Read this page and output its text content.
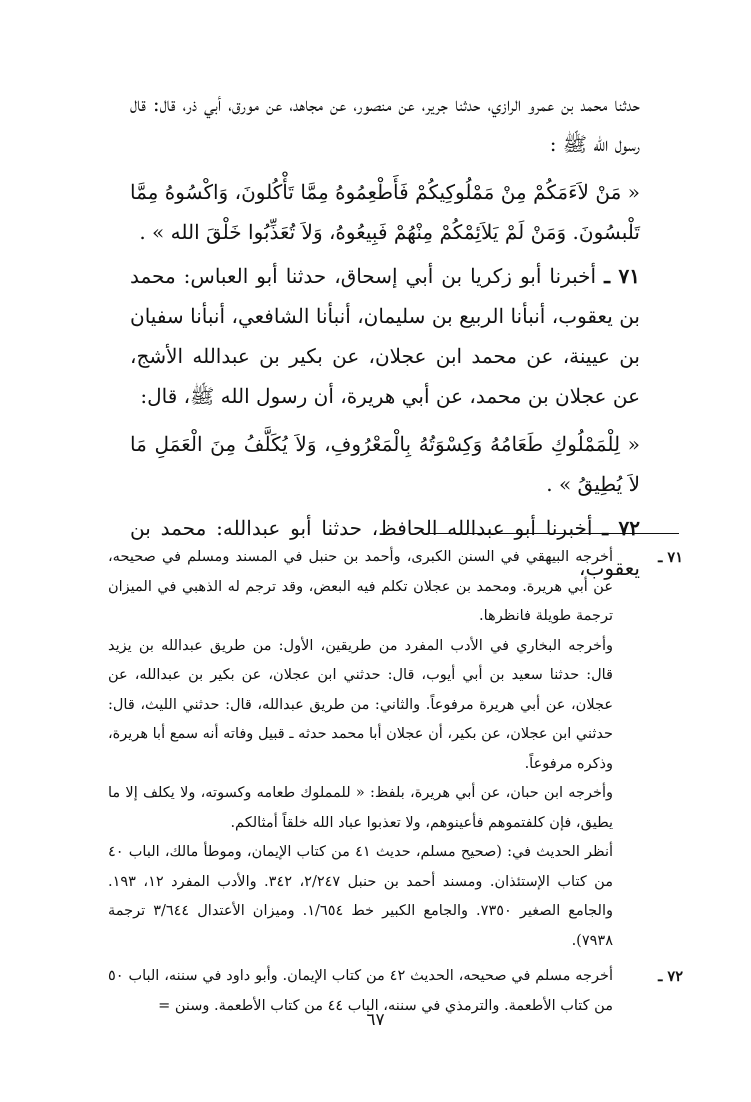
حدثنا محمد بن عمرو الرازي، حدثنا جرير، عن منصور، عن مجاهد، عن مورق، أبي ذر، قال: قال رسول الله ﷺ :

« مَنْ لاَءَمَكُمْ مِنْ مَمْلُوكِيكُمْ فَأَطْعِمُوهُ مِمَّا تَأْكُلونَ، وَاكْسُوهُ مِمَّا تَلْبسُونَ. وَمَنْ لَمْ يَلاَئِمْكُمْ مِنْهُمْ فَبِيعُوهُ، وَلاَ تُعَذِّبُوا خَلْقَ الله » .

٧١ ـ أخبرنا أبو زكريا بن أبي إسحاق، حدثنا أبو العباس: محمد بن يعقوب، أنبأنا الربيع بن سليمان، أنبأنا الشافعي، أنبأنا سفيان بن عيينة، عن محمد ابن عجلان، عن بكير بن عبدالله الأشج، عن عجلان بن محمد، عن أبي هريرة، أن رسول الله ﷺ، قال:

« لِلْمَمْلُوكِ طَعَامُهُ وَكِسْوَتُهُ بِالْمَعْرُوفِ، وَلاَ يُكَلَّفُ مِنَ الْعَمَلِ مَا لاَ يُطِيقُ » .

٧٢ ـ أخبرنا أبو عبدالله الحافظ، حدثنا أبو عبدالله: محمد بن يعقوب،	٧١ ـ

أخرجه البيهقي في السنن الكبرى، وأحمد بن حنبل في المسند ومسلم في صحيحه، عن أبي هريرة. ومحمد بن عجلان تكلم فيه البعض، وقد ترجم له الذهبي في الميزان ترجمة طويلة فانظرها.

وأخرجه البخاري في الأدب المفرد من طريقين، الأول: من طريق عبدالله بن يزيد قال: حدثنا سعيد بن أبي أيوب، قال: حدثني ابن عجلان، عن بكير بن عبدالله، عن عجلان، عن أبي هريرة مرفوعاً. والثاني: من طريق عبدالله، قال: حدثني الليث، قال: حدثني ابن عجلان، عن بكير، أن عجلان أبا محمد حدثه ـ قبيل وفاته أنه سمع أبا هريرة، وذكره مرفوعاً.

وأخرجه ابن حبان، عن أبي هريرة، بلفظ: « للمملوك طعامه وكسوته، ولا يكلف إلا ما يطيق، فإن كلفتموهم فأعينوهم، ولا تعذبوا عباد الله خلقاً أمثالكم.

أنظر الحديث في: (صحيح مسلم، حديث ٤١ من كتاب الإيمان، وموطأ مالك، الباب ٤٠ من كتاب الإستئذان. ومسند أحمد بن حنبل ٢/٢٤٧، ٣٤٢. والأدب المفرد ١٢، ١٩٣. والجامع الصغير ٧٣٥٠. والجامع الكبير خط ١/٦٥٤. وميزان الأعتدال ٣/٦٤٤ ترجمة ٧٩٣٨).

٧٢ ـ

أخرجه مسلم في صحيحه، الحديث ٤٢ من كتاب الإيمان. وأبو داود في سننه، الباب ٥٠ من كتاب الأطعمة. والترمذي في سننه، الباب ٤٤ من كتاب الأطعمة. وسنن =

٦٧
